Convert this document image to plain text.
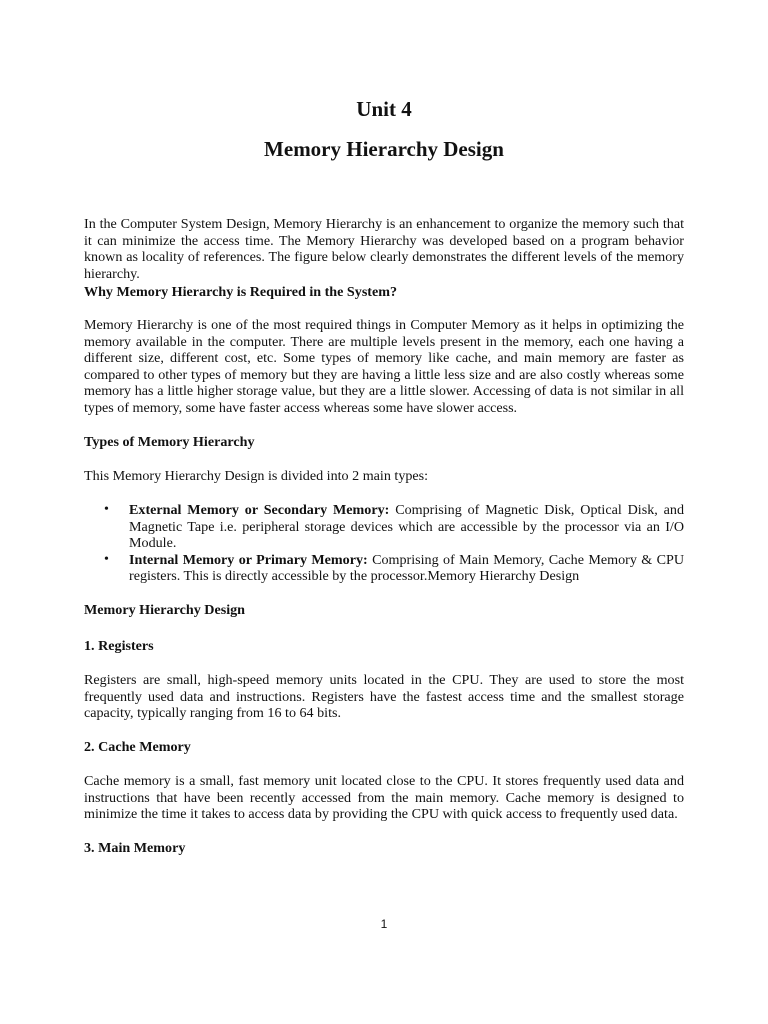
Unit 4
Memory Hierarchy Design
In the Computer System Design, Memory Hierarchy is an enhancement to organize the memory such that it can minimize the access time. The Memory Hierarchy was developed based on a program behavior known as locality of references. The figure below clearly demonstrates the different levels of the memory hierarchy.
Why Memory Hierarchy is Required in the System?
Memory Hierarchy is one of the most required things in Computer Memory as it helps in optimizing the memory available in the computer. There are multiple levels present in the memory, each one having a different size, different cost, etc. Some types of memory like cache, and main memory are faster as compared to other types of memory but they are having a little less size and are also costly whereas some memory has a little higher storage value, but they are a little slower. Accessing of data is not similar in all types of memory, some have faster access whereas some have slower access.
Types of Memory Hierarchy
This Memory Hierarchy Design is divided into 2 main types:
• External Memory or Secondary Memory: Comprising of Magnetic Disk, Optical Disk, and Magnetic Tape i.e. peripheral storage devices which are accessible by the processor via an I/O Module.
• Internal Memory or Primary Memory: Comprising of Main Memory, Cache Memory & CPU registers. This is directly accessible by the processor.Memory Hierarchy Design
Memory Hierarchy Design
1. Registers
Registers are small, high-speed memory units located in the CPU. They are used to store the most frequently used data and instructions. Registers have the fastest access time and the smallest storage capacity, typically ranging from 16 to 64 bits.
2. Cache Memory
Cache memory is a small, fast memory unit located close to the CPU. It stores frequently used data and instructions that have been recently accessed from the main memory. Cache memory is designed to minimize the time it takes to access data by providing the CPU with quick access to frequently used data.
3. Main Memory
1
